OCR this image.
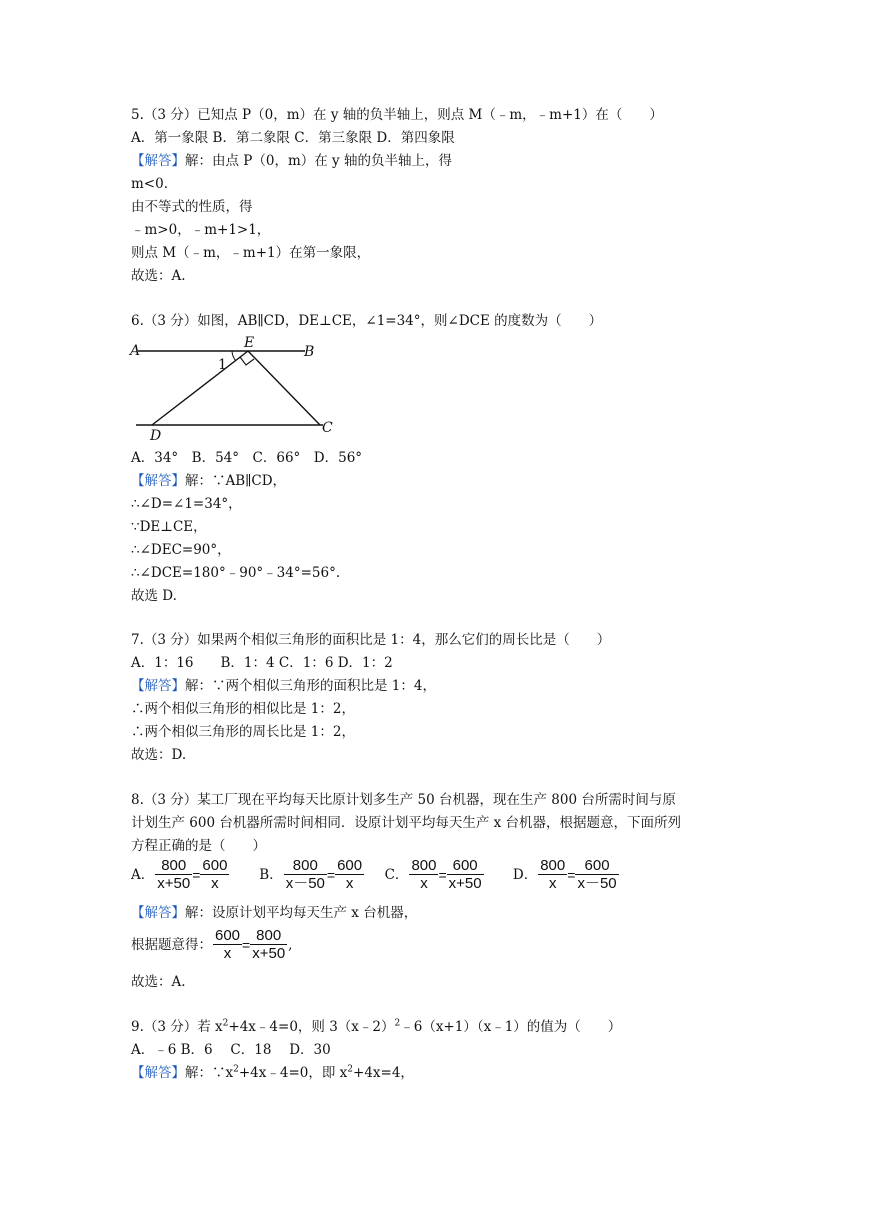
5.（3 分）已知点 P（0，m）在 y 轴的负半轴上，则点 M（﹣m，﹣m+1）在（　　）
A．第一象限 B．第二象限 C．第三象限 D．第四象限
【解答】解：由点 P（0，m）在 y 轴的负半轴上，得
m<0.
由不等式的性质，得
﹣m>0，﹣m+1>1，
则点 M（﹣m，﹣m+1）在第一象限，
故选：A.
6.（3 分）如图，AB∥CD，DE⊥CE，∠1=34°，则∠DCE 的度数为（　　）
A	B
C
D
E
1
A．34°　B．54°　C．66°　D．56°
【解答】解：∵AB∥CD，
∴∠D=∠1=34°，
∵DE⊥CE，
∴∠DEC=90°，
∴∠DCE=180°﹣90°﹣34°=56°.
故选 D.
7.（3 分）如果两个相似三角形的面积比是 1：4，那么它们的周长比是（　　）
A．1：16　　B．1：4 C．1：6 D．1：2
【解答】解：∵两个相似三角形的面积比是 1：4，
∴两个相似三角形的相似比是 1：2，
∴两个相似三角形的周长比是 1：2，
故选：D.
8.（3 分）某工厂现在平均每天比原计划多生产 50 台机器，现在生产 800 台所需时间与原
计划生产 600 台机器所需时间相同．设原计划平均每天生产 x 台机器，根据题意，下面所列
方程正确的是（　　）
A． $\frac{800}{x+50} = \frac{600}{x}$ B． $\frac{800}{x-50} = \frac{600}{x}$ C． $\frac{800}{x} = \frac{600}{x+50}$ D． $\frac{800}{x} = \frac{600}{x-50}$
【解答】解：设原计划平均每天生产 x 台机器，
根据题意得： $\frac{600}{x} = \frac{800}{x+50}$ ,
故选：A.
9.（3 分）若 $x^2+4x﹣4=0$，则 3（x﹣2）$^2$﹣6（x+1）（x﹣1）的值为（　　）
A．﹣6 B．6　 C．18　 D．30
【解答】解：$\because x^2+4x﹣4=0$，即 $x^2+4x=4$，
